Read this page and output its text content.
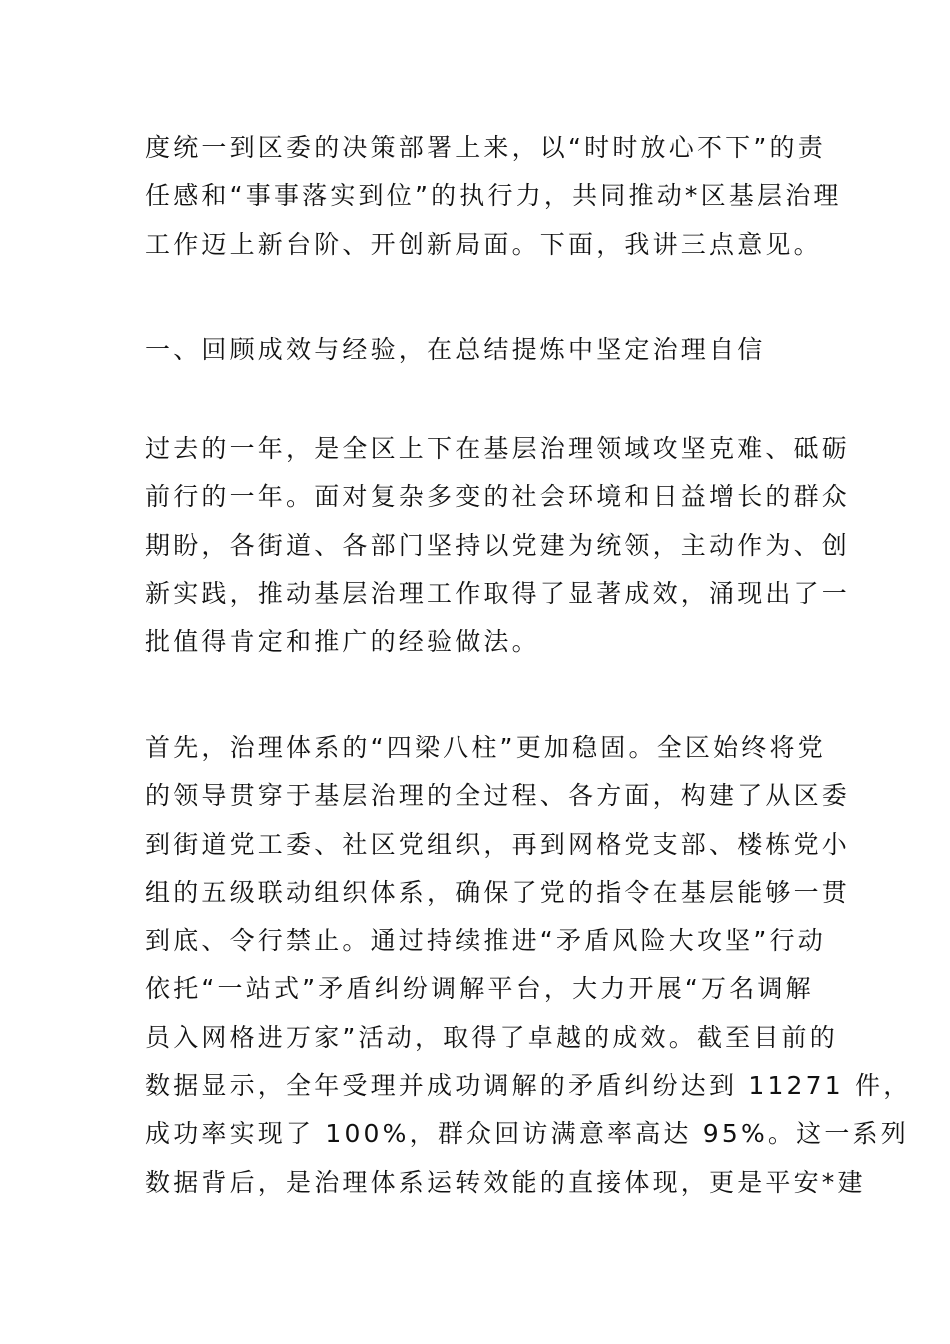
度统一到区委的决策部署上来，以“时时放心不下”的责
任感和“事事落实到位”的执行力，共同推动*区基层治理
工作迈上新台阶、开创新局面。下面，我讲三点意见。
一、回顾成效与经验，在总结提炼中坚定治理自信
过去的一年，是全区上下在基层治理领域攻坚克难、砥砺
前行的一年。面对复杂多变的社会环境和日益增长的群众
期盼，各街道、各部门坚持以党建为统领，主动作为、创
新实践，推动基层治理工作取得了显著成效，涌现出了一
批值得肯定和推广的经验做法。
首先，治理体系的“四梁八柱”更加稳固。全区始终将党
的领导贯穿于基层治理的全过程、各方面，构建了从区委
到街道党工委、社区党组织，再到网格党支部、楼栋党小
组的五级联动组织体系，确保了党的指令在基层能够一贯
到底、令行禁止。通过持续推进“矛盾风险大攻坚”行动
依托“一站式”矛盾纠纷调解平台，大力开展“万名调解
员入网格进万家”活动，取得了卓越的成效。截至目前的
数据显示，全年受理并成功调解的矛盾纠纷达到 11271 件，
成功率实现了 100%，群众回访满意率高达 95%。这一系列
数据背后，是治理体系运转效能的直接体现，更是平安*建
